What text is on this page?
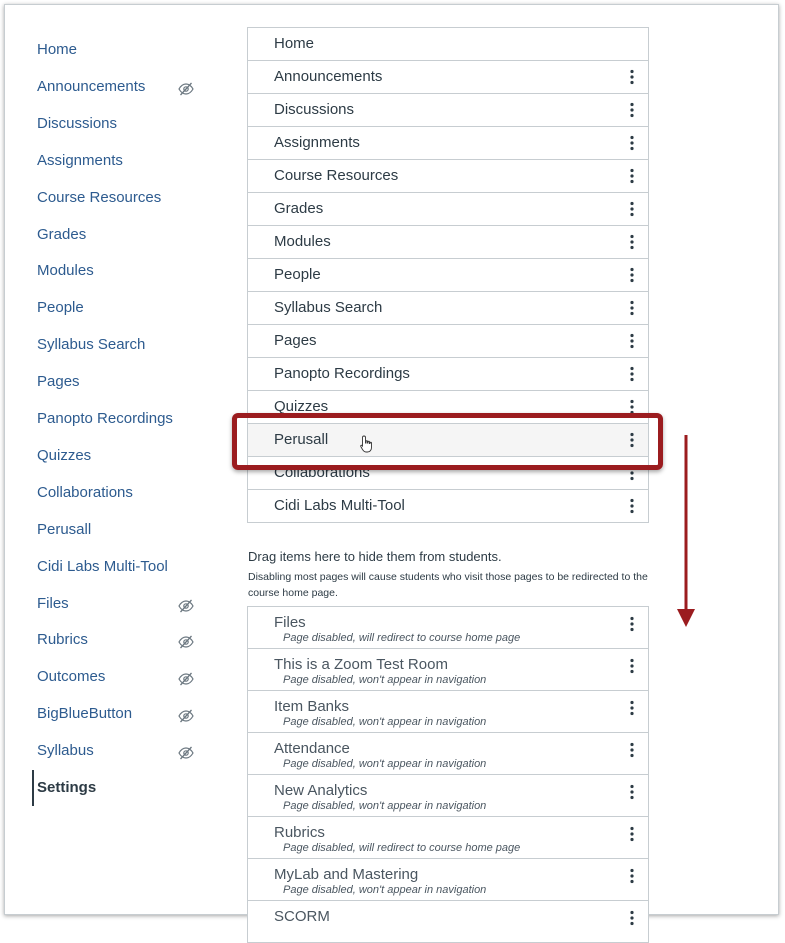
Home
Announcements
Discussions
Assignments
Course Resources
Grades
Modules
People
Syllabus Search
Pages
Panopto Recordings
Quizzes
Collaborations
Perusall
Cidi Labs Multi-Tool
Files
Rubrics
Outcomes
BigBlueButton
Syllabus
Settings
Home
Announcements
Discussions
Assignments
Course Resources
Grades
Modules
People
Syllabus Search
Pages
Panopto Recordings
Quizzes
Perusall
Collaborations
Cidi Labs Multi-Tool
Drag items here to hide them from students.
Disabling most pages will cause students who visit those pages to be redirected to the course home page.
Files
Page disabled, will redirect to course home page
This is a Zoom Test Room
Page disabled, won't appear in navigation
Item Banks
Page disabled, won't appear in navigation
Attendance
Page disabled, won't appear in navigation
New Analytics
Page disabled, won't appear in navigation
Rubrics
Page disabled, will redirect to course home page
MyLab and Mastering
Page disabled, won't appear in navigation
SCORM
